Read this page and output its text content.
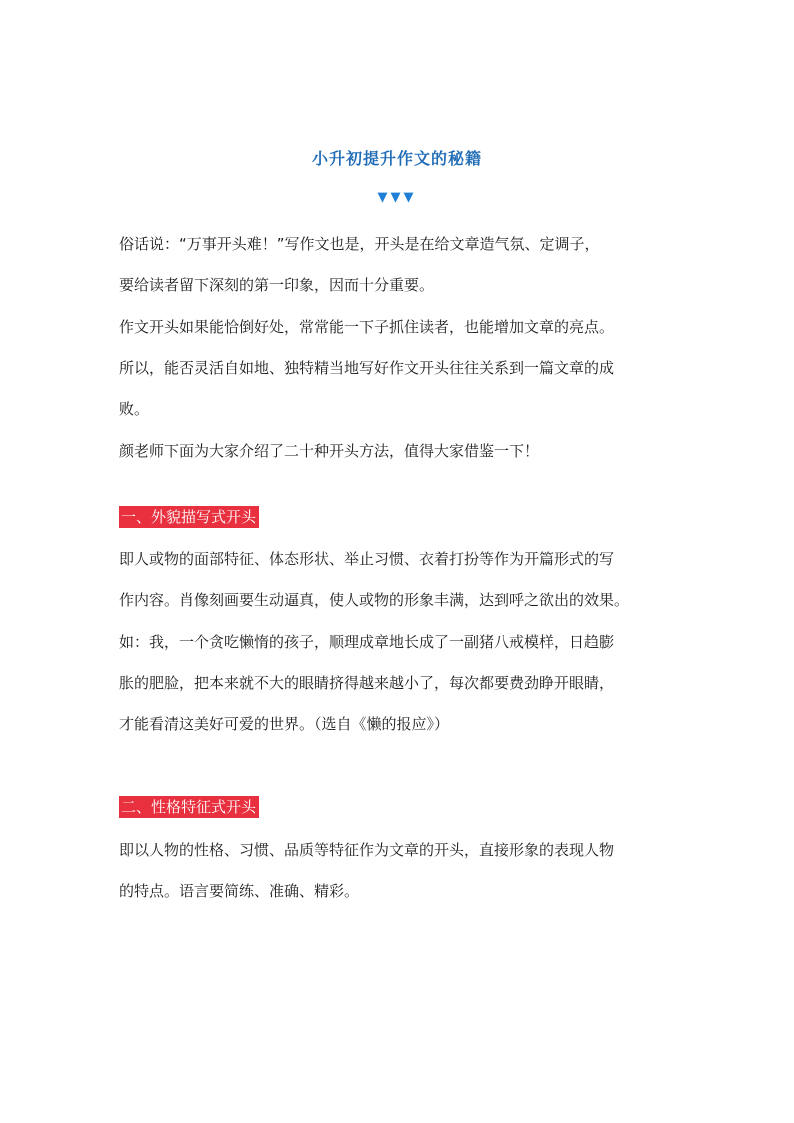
小升初提升作文的秘籍
▼▼▼
俗话说：“万事开头难！”写作文也是，开头是在给文章造气氛、定调子，
要给读者留下深刻的第一印象，因而十分重要。
作文开头如果能恰倒好处，常常能一下子抓住读者，也能增加文章的亮点。
所以，能否灵活自如地、独特精当地写好作文开头往往关系到一篇文章的成
败。
颜老师下面为大家介绍了二十种开头方法，值得大家借鉴一下！
一、外貌描写式开头
即人或物的面部特征、体态形状、举止习惯、衣着打扮等作为开篇形式的写
作内容。肖像刻画要生动逼真，使人或物的形象丰满，达到呼之欲出的效果。
如：我，一个贪吃懒惰的孩子，顺理成章地长成了一副猪八戒模样，日趋膨
胀的肥脸，把本来就不大的眼睛挤得越来越小了，每次都要费劲睁开眼睛，
才能看清这美好可爱的世界。（选自《懒的报应》）
二、性格特征式开头
即以人物的性格、习惯、品质等特征作为文章的开头，直接形象的表现人物
的特点。语言要简练、准确、精彩。
